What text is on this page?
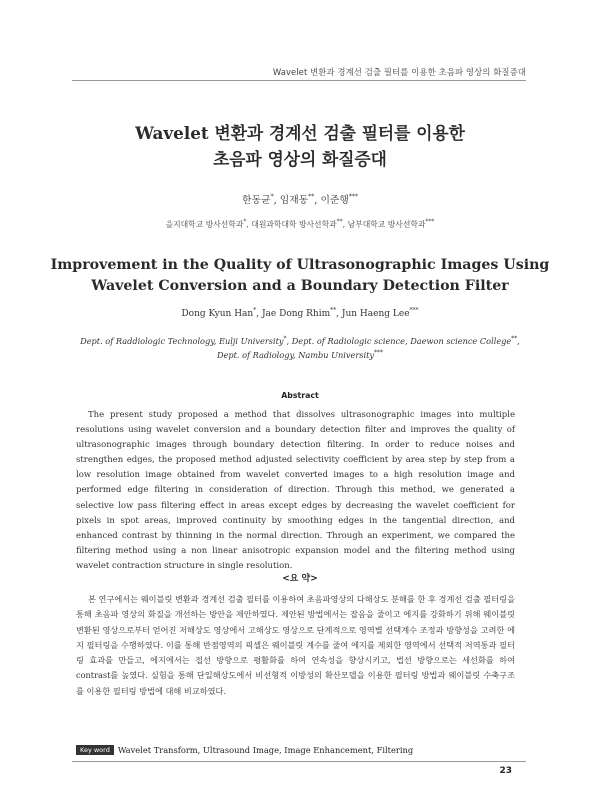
Wavelet 변환과 경계선 검출 필터를 이용한 초음파 영상의 화질증대
Wavelet 변환과 경계선 검출 필터를 이용한
초음파 영상의 화질증대
한동균*, 임재동**, 이준행***
을지대학교 방사선학과*, 대원과학대학 방사선학과**, 남부대학교 방사선학과***
Improvement in the Quality of Ultrasonographic Images Using
Wavelet Conversion and a Boundary Detection Filter
Dong Kyun Han*, Jae Dong Rhim**, Jun Haeng Lee***
Dept. of Raddiologic Technology, Eulji University*, Dept. of Radiologic science, Daewon science College**,
Dept. of Radiology, Nambu University***
Abstract

The present study proposed a method that dissolves ultrasonographic images into multiple resolutions using wavelet conversion and a boundary detection filter and improves the quality of ultrasonographic images through boundary detection filtering. In order to reduce noises and strengthen edges, the proposed method adjusted selectivity coefficient by area step by step from a low resolution image obtained from wavelet converted images to a high resolution image and performed edge filtering in consideration of direction. Through this method, we generated a selective low pass filtering effect in areas except edges by decreasing the wavelet coefficient for pixels in spot areas, improved continuity by smoothing edges in the tangential direction, and enhanced contrast by thinning in the normal direction. Through an experiment, we compared the filtering method using a non linear anisotropic expansion model and the filtering method using wavelet contraction structure in single resolution.

<요 약>

본 연구에서는 웨이블릿 변환과 경계선 검출 필터를 이용하여 초음파영상의 다해상도 분해를 한 후 경계선 검출 필터링을 통해 초음파 영상의 화질을 개선하는 방안을 제안하였다. 제안된 방법에서는 잡음을 줄이고 에지를 강화하기 위해 웨이블릿 변환된 영상으로부터 얻어진 저해상도 영상에서 고해상도 영상으로 단계적으로 영역별 선택계수 조정과 방향성을 고려한 에지 필터링을 수행하였다. 이를 통해 반점영역의 픽셀은 웨이블릿 계수를 줄여 에지를 제외한 영역에서 선택적 저역통과 필터링 효과를 만들고, 에지에서는 접선 방향으로 평활화를 하여 연속성을 향상시키고, 법선 방향으로는 세선화를 하여 contrast를 높였다. 실험을 통해 단일해상도에서 비선형적 이방성의 확산모델을 이용한 필터링 방법과 웨이블릿 수축구조를 이용한 필터링 방법에 대해 비교하였다.

Key word Wavelet Transform, Ultrasound Image, Image Enhancement, Filtering
23
